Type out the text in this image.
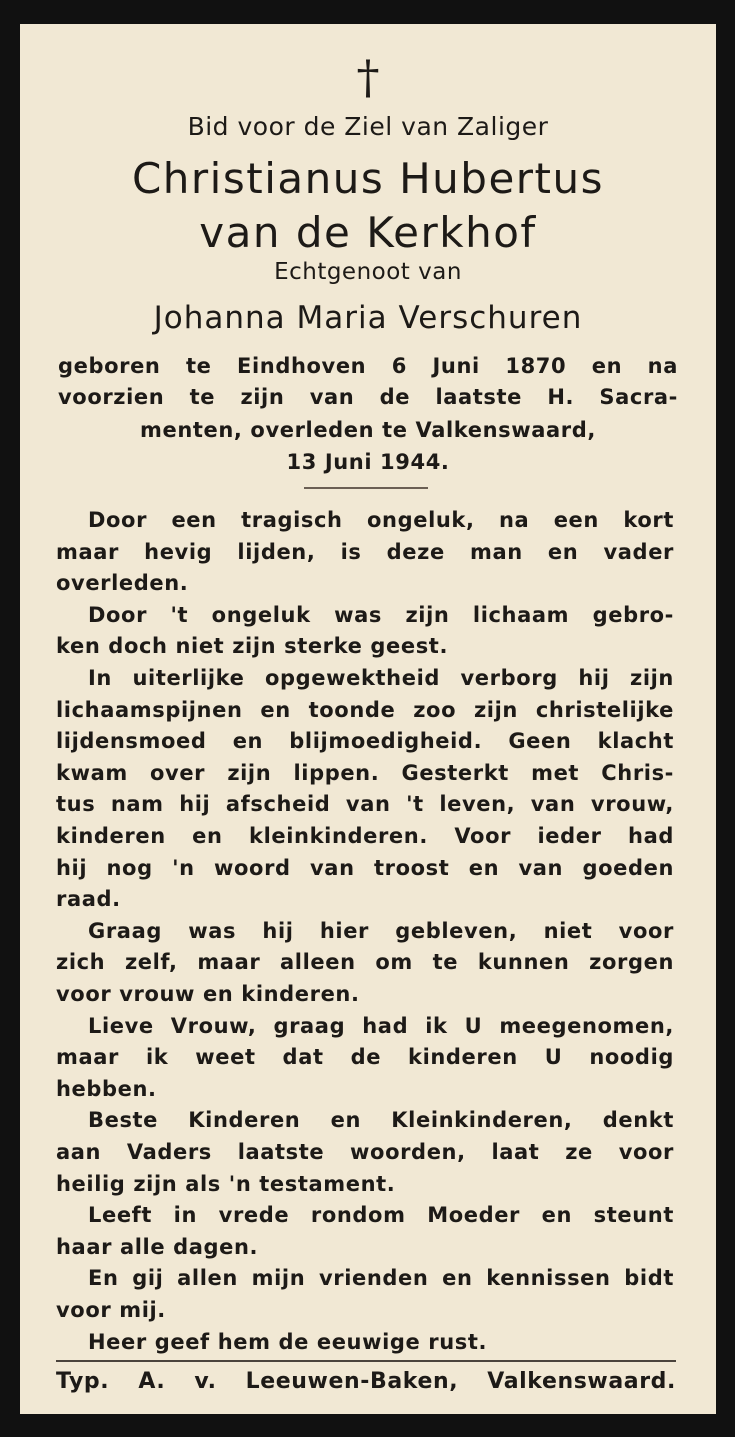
†
Bid voor de Ziel van Zaliger
Christianus Hubertus
van de Kerkhof
Echtgenoot van
Johanna Maria Verschuren
geboren te Eindhoven 6 Juni 1870 en na
voorzien te zijn van de laatste H. Sacra-
menten, overleden te Valkenswaard,
13 Juni 1944.
Door een tragisch ongeluk, na een kort
maar hevig lijden, is deze man en vader
overleden.
Door 't ongeluk was zijn lichaam gebro-
ken doch niet zijn sterke geest.
In uiterlijke opgewektheid verborg hij zijn
lichaamspijnen en toonde zoo zijn christelijke
lijdensmoed en blijmoedigheid. Geen klacht
kwam over zijn lippen. Gesterkt met Chris-
tus nam hij afscheid van 't leven, van vrouw,
kinderen en kleinkinderen. Voor ieder had
hij nog 'n woord van troost en van goeden
raad.
Graag was hij hier gebleven, niet voor
zich zelf, maar alleen om te kunnen zorgen
voor vrouw en kinderen.
Lieve Vrouw, graag had ik U meegenomen,
maar ik weet dat de kinderen U noodig
hebben.
Beste Kinderen en Kleinkinderen, denkt
aan Vaders laatste woorden, laat ze voor
heilig zijn als 'n testament.
Leeft in vrede rondom Moeder en steunt
haar alle dagen.
En gij allen mijn vrienden en kennissen bidt
voor mij.
Heer geef hem de eeuwige rust.
Typ. A. v. Leeuwen-Baken, Valkenswaard.
